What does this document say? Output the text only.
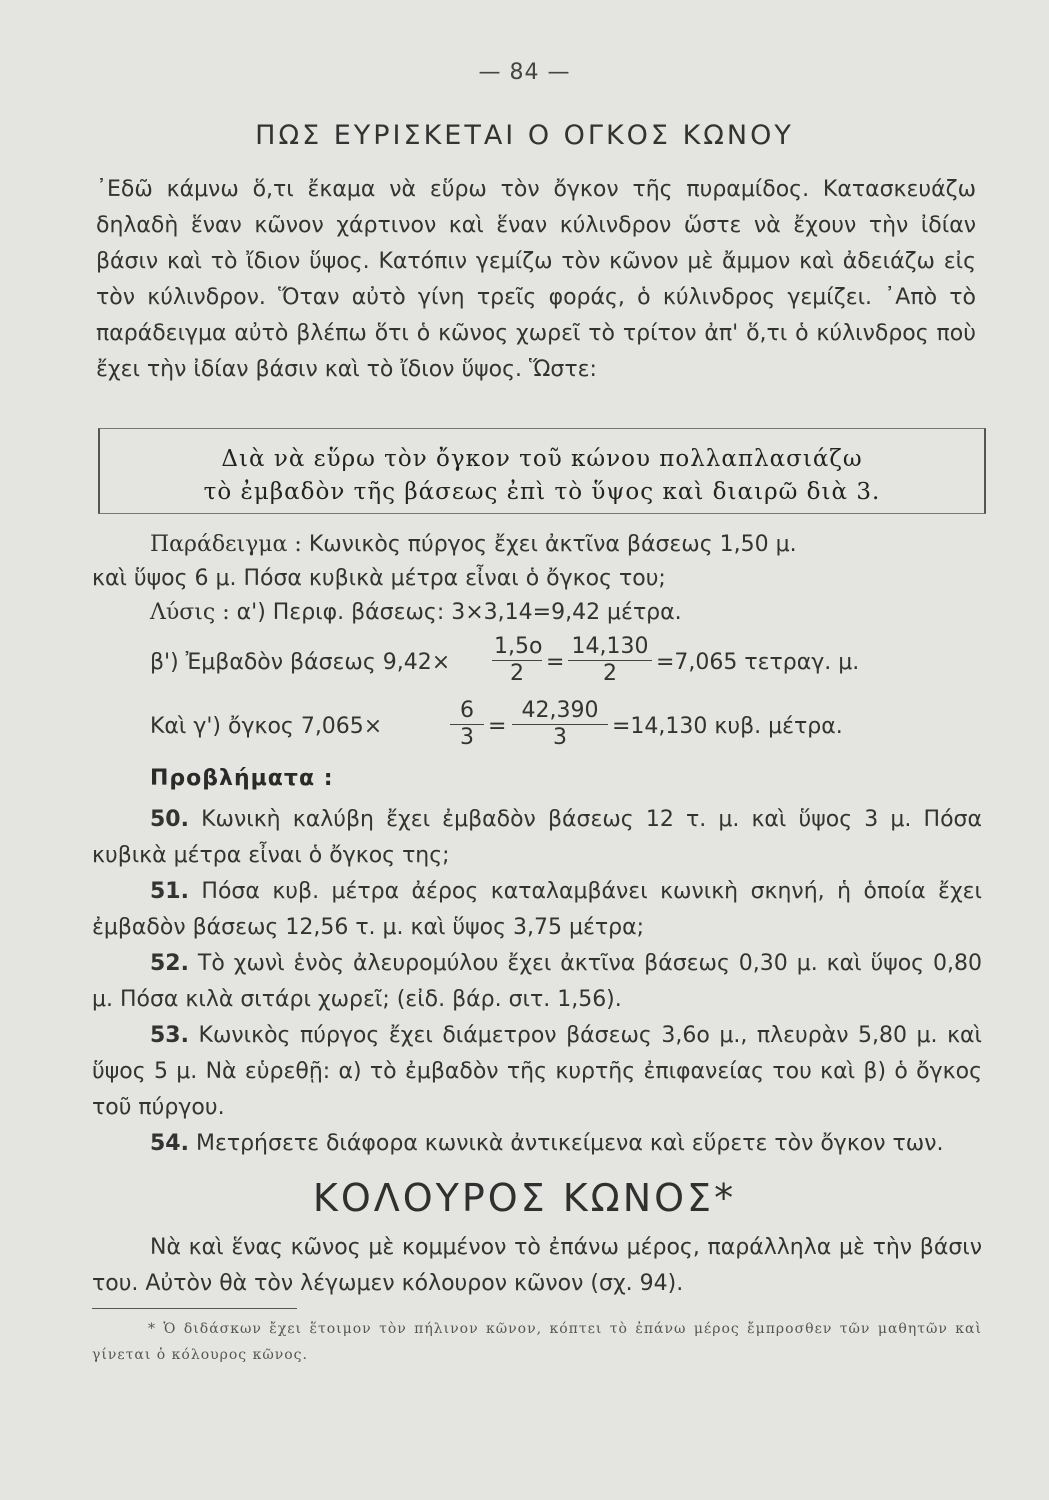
— 84 —
ΠΩΣ ΕΥΡΙΣΚΕΤΑΙ Ο ΟΓΚΟΣ ΚΩΝΟΥ
᾿Εδῶ κάμνω ὅ,τι ἔκαμα νὰ εὕρω τὸν ὄγκον τῆς πυραμίδος. Κατασκευάζω δηλαδὴ ἕναν κῶνον χάρτινον καὶ ἕναν κύλινδρον ὥστε νὰ ἔχουν τὴν ἰδίαν βάσιν καὶ τὸ ἴδιον ὕψος. Κατόπιν γεμίζω τὸν κῶνον μὲ ἄμμον καὶ ἀδειάζω εἰς τὸν κύλινδρον. Ὅταν αὐτὸ γίνη τρεῖς φοράς, ὁ κύλινδρος γεμίζει. ᾿Απὸ τὸ παράδειγμα αὐτὸ βλέπω ὅτι ὁ κῶνος χωρεῖ τὸ τρίτον ἀπ' ὅ,τι ὁ κύλινδρος ποὺ ἔχει τὴν ἰδίαν βάσιν καὶ τὸ ἴδιον ὕψος. Ὥστε:

Διὰ νὰ εὕρω τὸν ὄγκον τοῦ κώνου πολλαπλασιάζω

τὸ ἐμβαδὸν τῆς βάσεως ἐπὶ τὸ ὕψος καὶ διαιρῶ διὰ 3.

Παράδειγμα : Κωνικὸς πύργος ἔχει ἀκτῖνα βάσεως 1,50 μ.
καὶ ὕψος 6 μ. Πόσα κυβικὰ μέτρα εἶναι ὁ ὄγκος του;
Λύσις : α') Περιφ. βάσεως: 3×3,14=9,42 μέτρα.
β') Ἐμβαδὸν βάσεως $9,42\times \frac{1,5o}{2} = \frac{14,130}{2} =7,065$ τετραγ. μ.
Καὶ γ') ὄγκος 7,065×	$\frac{6}{3} = \frac{42,390}{3} =14,130$ κυβ. μέτρα.
Προβλήματα :
50. Κωνικὴ καλύβη ἔχει ἐμβαδὸν βάσεως 12 τ. μ. καὶ ὕψος 3 μ. Πόσα κυβικὰ μέτρα εἶναι ὁ ὄγκος της;
51. Πόσα κυβ. μέτρα ἀέρος καταλαμβάνει κωνικὴ σκηνή, ἡ ὁποία ἔχει ἐμβαδὸν βάσεως 12,56 τ. μ. καὶ ὕψος 3,75 μέτρα;
52. Τὸ χωνὶ ἑνὸς ἀλευρομύλου ἔχει ἀκτῖνα βάσεως 0,30 μ. καὶ ὕψος 0,80 μ. Πόσα κιλὰ σιτάρι χωρεῖ; (εἰδ. βάρ. σιτ. 1,56).
53. Κωνικὸς πύργος ἔχει διάμετρον βάσεως 3,6ο μ., πλευρὰν 5,80 μ. καὶ ὕψος 5 μ. Νὰ εὑρεθῇ: α) τὸ ἐμβαδὸν τῆς κυρτῆς ἐπιφανείας του καὶ β) ὁ ὄγκος τοῦ πύργου.
54. Μετρήσετε διάφορα κωνικὰ ἀντικείμενα καὶ εὕρετε τὸν ὄγκον των.
ΚΟΛΟΥΡΟΣ ΚΩΝΟΣ*
Νὰ καὶ ἕνας κῶνος μὲ κομμένον τὸ ἐπάνω μέρος, παράλληλα μὲ τὴν βάσιν του. Αὐτὸν θὰ τὸν λέγωμεν κόλουρον κῶνον (σχ. 94).
* Ὁ διδάσκων ἔχει ἕτοιμον τὸν πήλινον κῶνον, κόπτει τὸ ἐπάνω μέρος ἔμπροσθεν τῶν μαθητῶν καὶ γίνεται ὁ κόλουρος κῶνος.
